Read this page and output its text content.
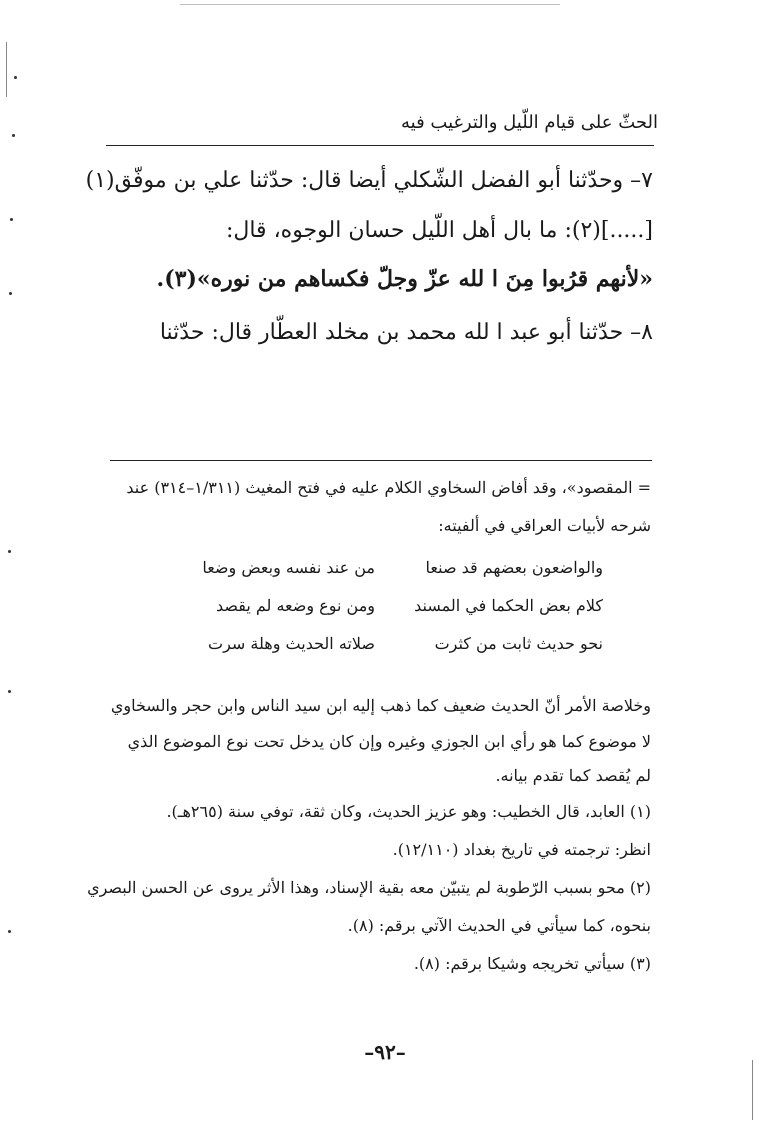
الحثّ على قيام اللّيل والترغيب فيه
٧– وحدّثنا أبو الفضل الشّكلي أيضا قال: حدّثنا علي بن موفّق(١)
[.....](٢): ما بال أهل اللّيل حسان الوجوه، قال:
«لأنهم قرُبوا مِنَ ا لله عزّ وجلّ فكساهم من نوره»(٣).
٨– حدّثنا أبو عبد ا لله محمد بن مخلد العطّار قال: حدّثنا
= المقصود»، وقد أفاض السخاوي الكلام عليه في فتح المغيث (١/٣١١–٣١٤) عند
شرحه لأبيات العراقي في ألفيته:
والواضعون بعضهم قد صنعا
من عند نفسه وبعض وضعا
كلام بعض الحكما في المسند
ومن نوع وضعه لم يقصد
نحو حديث ثابت من كثرت
صلاته الحديث وهلة سرت
وخلاصة الأمر أنّ الحديث ضعيف كما ذهب إليه ابن سيد الناس وابن حجر والسخاوي
لا موضوع كما هو رأي ابن الجوزي وغيره وإن كان يدخل تحت نوع الموضوع الذي
لم يُقصد كما تقدم بيانه.
(١) العابد، قال الخطيب: وهو عزيز الحديث، وكان ثقة، توفي سنة (٢٦٥هـ).
انظر: ترجمته في تاريخ بغداد (١٢/١١٠).
(٢) محو بسبب الرّطوبة لم يتبيّن معه بقية الإسناد، وهذا الأثر يروى عن الحسن البصري
بنحوه، كما سيأتي في الحديث الآتي برقم: (٨).
(٣) سيأتي تخريجه وشيكا برقم: (٨).
–٩٢–
